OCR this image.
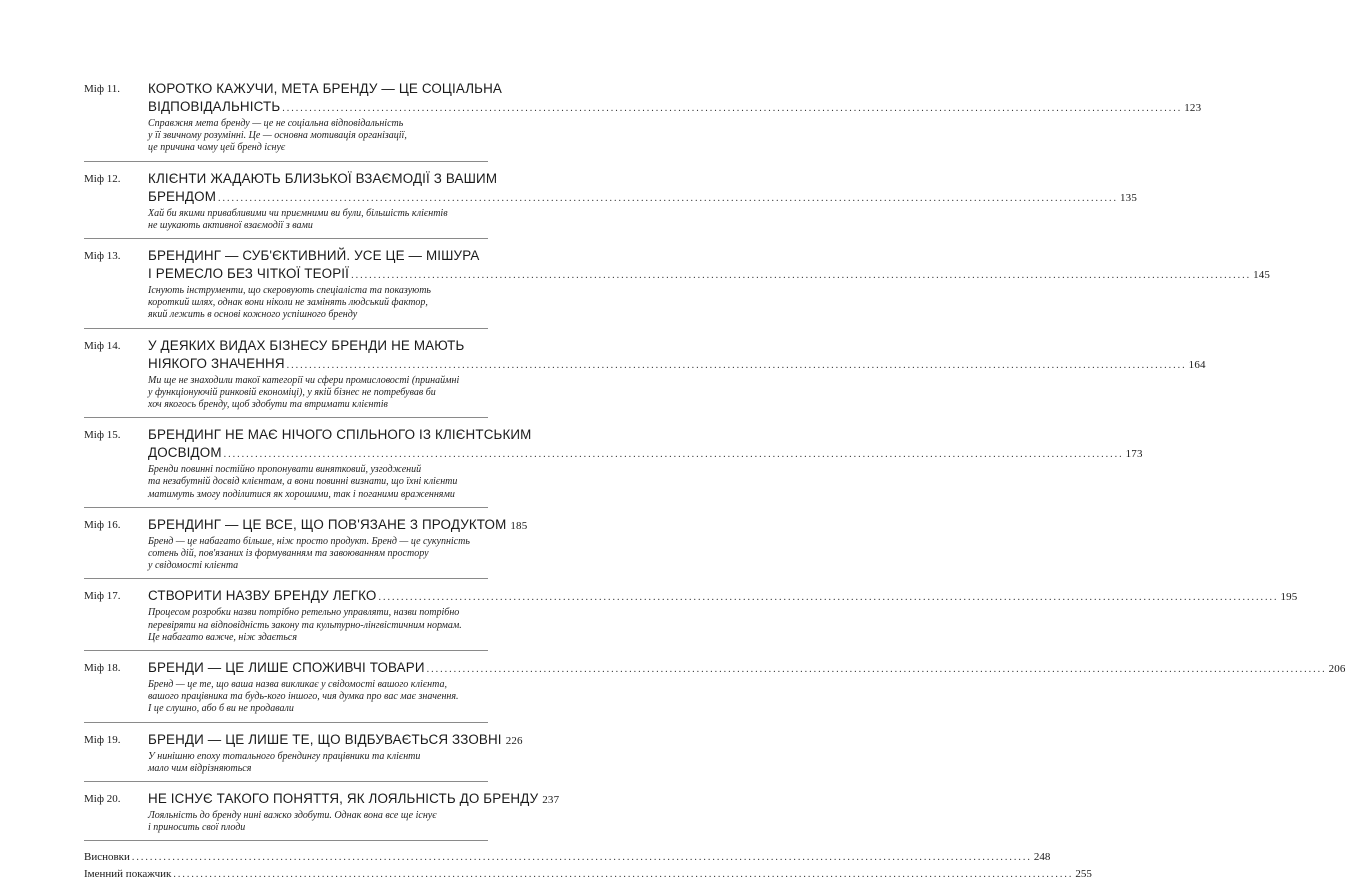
Міф 11. КОРОТКО КАЖУЧИ, МЕТА БРЕНДУ — ЦЕ СОЦІАЛЬНА
ВІДПОВІДАЛЬНІСТЬ ........................................................................................................................................................................................................ 123
Справжня мета бренду — це не соціальна відповідальність
у її звичному розумінні. Це — основна мотивація організації,
це причина чому цей бренд існує
Міф 12. КЛІЄНТИ ЖАДАЮТЬ БЛИЗЬКОЇ ВЗАЄМОДІЇ З ВАШИМ
БРЕНДОМ ........................................................................................................................................................................................................ 135
Хай би якими привабливими чи приємними ви були, більшість клієнтів
не шукають активної взаємодії з вами
Міф 13. БРЕНДИНГ — СУБ'ЄКТИВНИЙ. УСЕ ЦЕ — МІШУРА
І РЕМЕСЛО БЕЗ ЧІТКОЇ ТЕОРІЇ ........................................................................................................................................................................................................ 145
Існують інструменти, що скеровують спеціаліста та показують
короткий шлях, однак вони ніколи не замінять людський фактор,
який лежить в основі кожного успішного бренду
Міф 14. У ДЕЯКИХ ВИДАХ БІЗНЕСУ БРЕНДИ НЕ МАЮТЬ
НІЯКОГО ЗНАЧЕННЯ ........................................................................................................................................................................................................ 164
Ми ще не знаходили такої категорії чи сфери промисловості (принаймні
у функціонуючій ринковій економіці), у якій бізнес не потребував би
хоч якогось бренду, щоб здобути та втримати клієнтів
Міф 15. БРЕНДИНГ НЕ МАЄ НІЧОГО СПІЛЬНОГО ІЗ КЛІЄНТСЬКИМ
ДОСВІДОМ ........................................................................................................................................................................................................ 173
Бренди повинні постійно пропонувати винятковий, узгоджений
та незабутній досвід клієнтам, а вони повинні визнати, що їхні клієнти
матимуть змогу поділитися як хорошими, так і поганими враженнями
Міф 16. БРЕНДИНГ — ЦЕ ВСЕ, ЩО ПОВ'ЯЗАНЕ З ПРОДУКТОМ 185
Бренд — це набагато більше, ніж просто продукт. Бренд — це сукупність
сотень дій, пов'язаних із формуванням та завоюванням простору
у свідомості клієнта
Міф 17. СТВОРИТИ НАЗВУ БРЕНДУ ЛЕГКО ........................................................................................................................................................................................................ 195
Процесом розробки назви потрібно ретельно управляти, назви потрібно
перевіряти на відповідність закону та культурно-лінгвістичним нормам.
Це набагато важче, ніж здається
Міф 18. БРЕНДИ — ЦЕ ЛИШЕ СПОЖИВЧІ ТОВАРИ ........................................................................................................................................................................................................ 206
Бренд — це те, що ваша назва викликає у свідомості вашого клієнта,
вашого працівника та будь-кого іншого, чия думка про вас має значення.
І це слушно, або б ви не продавали
Міф 19. БРЕНДИ — ЦЕ ЛИШЕ ТЕ, ЩО ВІДБУВАЄТЬСЯ ЗЗОВНІ 226
У нинішню епоху тотального брендингу працівники та клієнти
мало чим відрізняються
Міф 20. НЕ ІСНУЄ ТАКОГО ПОНЯТТЯ, ЯК ЛОЯЛЬНІСТЬ ДО БРЕНДУ 237
Лояльність до бренду нині важко здобути. Однак вона все ще існує
і приносить свої плоди
Висновки ........................................................................................................................................................................................................ 248
Іменний покажчик ........................................................................................................................................................................................................ 255
